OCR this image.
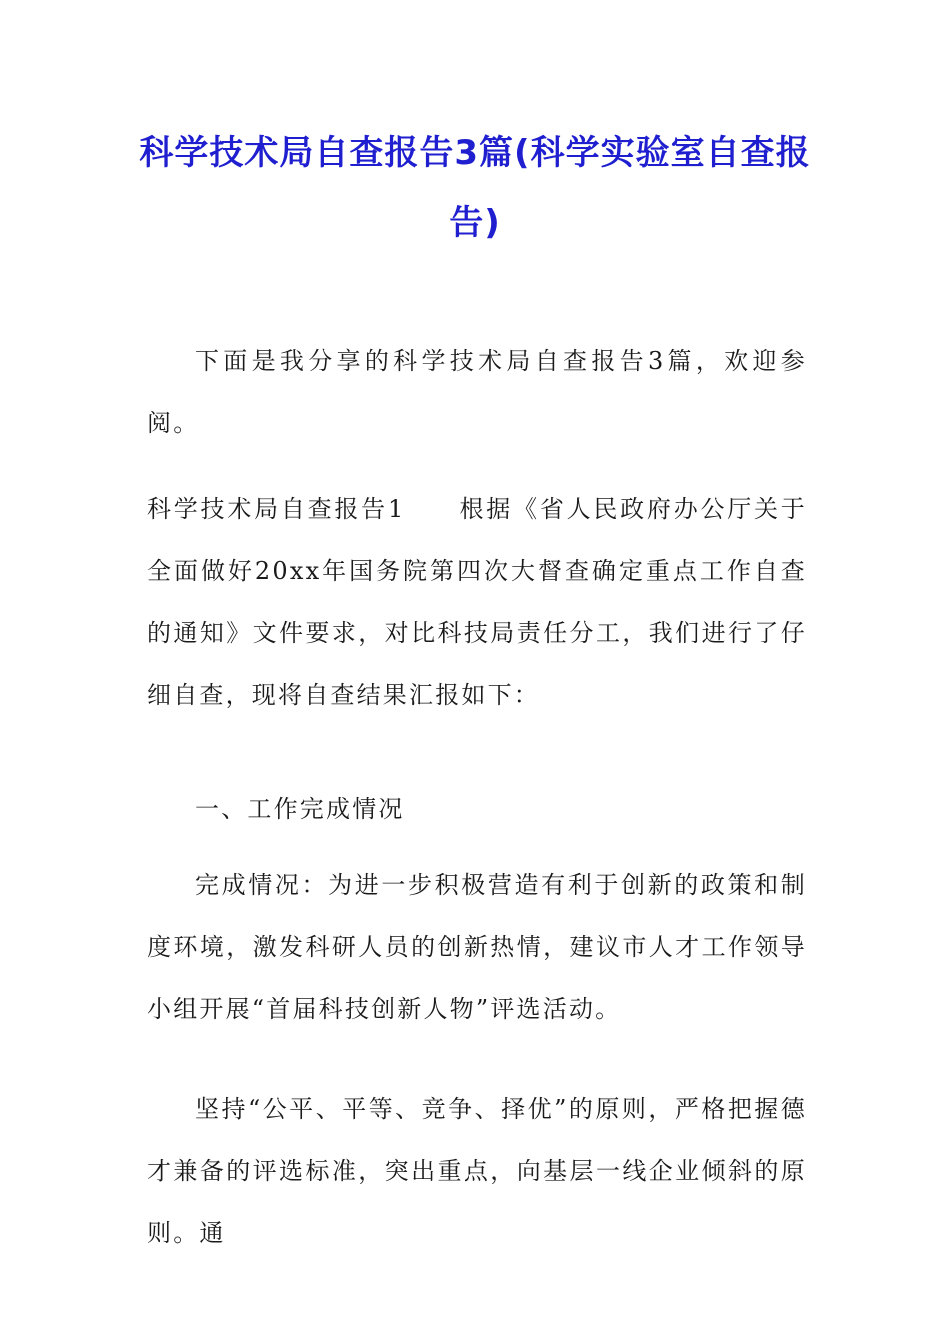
科学技术局自查报告3篇(科学实验室自查报告)
下面是我分享的科学技术局自查报告3篇，欢迎参阅。
科学技术局自查报告1　　根据《省人民政府办公厅关于全面做好20xx年国务院第四次大督查确定重点工作自查的通知》文件要求，对比科技局责任分工，我们进行了仔细自查，现将自查结果汇报如下：
一、工作完成情况
完成情况：为进一步积极营造有利于创新的政策和制度环境，激发科研人员的创新热情，建议市人才工作领导小组开展“首届科技创新人物”评选活动。
坚持“公平、平等、竞争、择优”的原则，严格把握德才兼备的评选标准，突出重点，向基层一线企业倾斜的原则。通
